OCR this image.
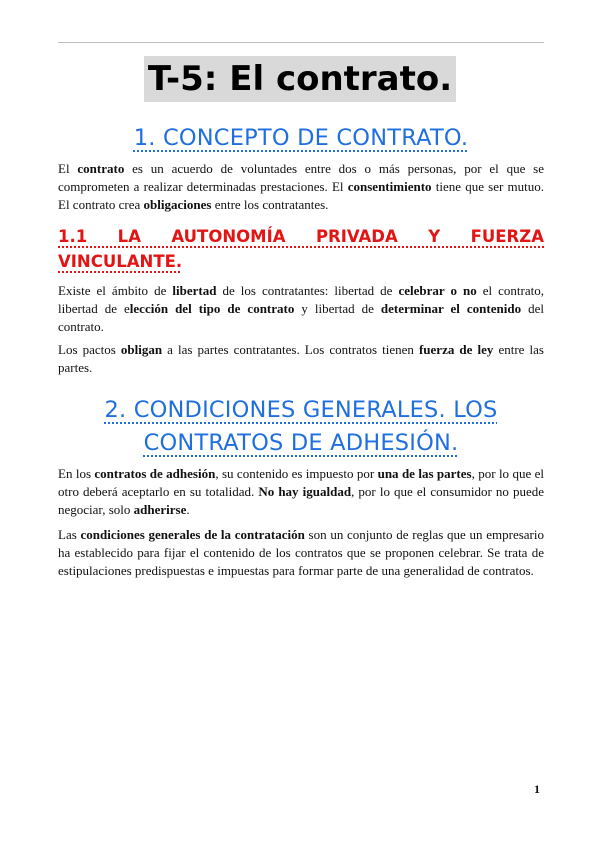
T-5: El contrato.
1. CONCEPTO DE CONTRATO.

El contrato es un acuerdo de voluntades entre dos o más personas, por el que se comprometen a realizar determinadas prestaciones. El consentimiento tiene que ser mutuo. El contrato crea obligaciones entre los contratantes.

1.1 LA AUTONOMÍA PRIVADA Y FUERZA VINCULANTE.

Existe el ámbito de libertad de los contratantes: libertad de celebrar o no el contrato, libertad de elección del tipo de contrato y libertad de determinar el contenido del contrato.

Los pactos obligan a las partes contratantes. Los contratos tienen fuerza de ley entre las partes.

2. CONDICIONES GENERALES. LOS CONTRATOS DE ADHESIÓN.

En los contratos de adhesión, su contenido es impuesto por una de las partes, por lo que el otro deberá aceptarlo en su totalidad. No hay igualdad, por lo que el consumidor no puede negociar, solo adherirse.

Las condiciones generales de la contratación son un conjunto de reglas que un empresario ha establecido para fijar el contenido de los contratos que se proponen celebrar. Se trata de estipulaciones predispuestas e impuestas para formar parte de una generalidad de contratos.

1
